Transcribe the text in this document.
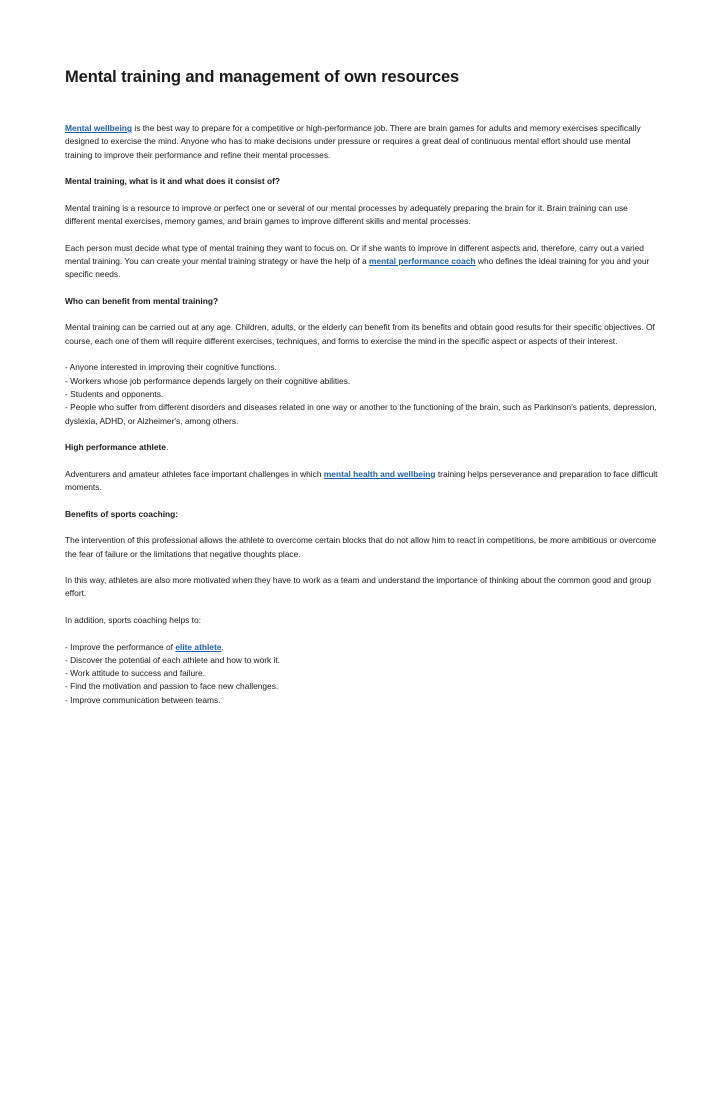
Mental training and management of own resources

Mental wellbeing is the best way to prepare for a competitive or high-performance job. There are brain games for adults and memory exercises specifically designed to exercise the mind. Anyone who has to make decisions under pressure or requires a great deal of continuous mental effort should use mental training to improve their performance and refine their mental processes.

Mental training, what is it and what does it consist of?

Mental training is a resource to improve or perfect one or several of our mental processes by adequately preparing the brain for it. Brain training can use different mental exercises, memory games, and brain games to improve different skills and mental processes.

Each person must decide what type of mental training they want to focus on. Or if she wants to improve in different aspects and, therefore, carry out a varied mental training. You can create your mental training strategy or have the help of a mental performance coach who defines the ideal training for you and your specific needs.

Who can benefit from mental training?

Mental training can be carried out at any age. Children, adults, or the elderly can benefit from its benefits and obtain good results for their specific objectives. Of course, each one of them will require different exercises, techniques, and forms to exercise the mind in the specific aspect or aspects of their interest.

- Anyone interested in improving their cognitive functions.
- Workers whose job performance depends largely on their cognitive abilities.
- Students and opponents.
- People who suffer from different disorders and diseases related in one way or another to the functioning of the brain, such as Parkinson's patients, depression, dyslexia, ADHD, or Alzheimer's, among others.

High performance athlete.

Adventurers and amateur athletes face important challenges in which mental health and wellbeing training helps perseverance and preparation to face difficult moments.

Benefits of sports coaching:

The intervention of this professional allows the athlete to overcome certain blocks that do not allow him to react in competitions, be more ambitious or overcome the fear of failure or the limitations that negative thoughts place.

In this way, athletes are also more motivated when they have to work as a team and understand the importance of thinking about the common good and group effort.

In addition, sports coaching helps to:

- Improve the performance of elite athlete.
- Discover the potential of each athlete and how to work it.
- Work attitude to success and failure.
- Find the motivation and passion to face new challenges.
- Improve communication between teams.
